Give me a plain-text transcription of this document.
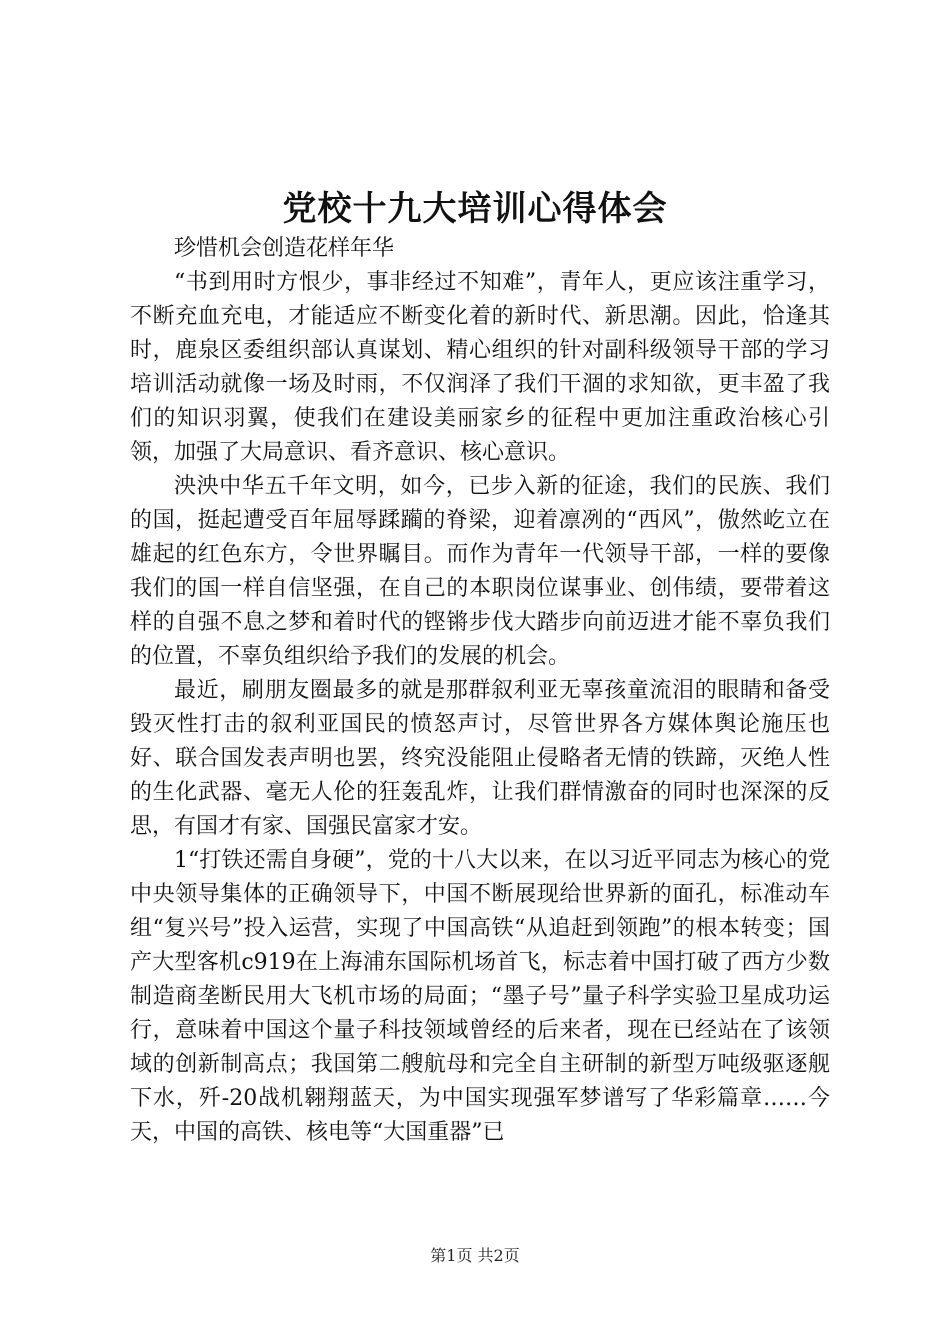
党校十九大培训心得体会

珍惜机会创造花样年华

“书到用时方恨少，事非经过不知难”，青年人，更应该注重学习，不断充血充电，才能适应不断变化着的新时代、新思潮。因此，恰逢其时，鹿泉区委组织部认真谋划、精心组织的针对副科级领导干部的学习培训活动就像一场及时雨，不仅润泽了我们干涸的求知欲，更丰盈了我们的知识羽翼，使我们在建设美丽家乡的征程中更加注重政治核心引领，加强了大局意识、看齐意识、核心意识。

泱泱中华五千年文明，如今，已步入新的征途，我们的民族、我们的国，挺起遭受百年屈辱蹂躏的脊梁，迎着凛冽的“西风”，傲然屹立在雄起的红色东方，令世界瞩目。而作为青年一代领导干部，一样的要像我们的国一样自信坚强，在自己的本职岗位谋事业、创伟绩，要带着这样的自强不息之梦和着时代的铿锵步伐大踏步向前迈进才能不辜负我们的位置，不辜负组织给予我们的发展的机会。

最近，刷朋友圈最多的就是那群叙利亚无辜孩童流泪的眼睛和备受毁灭性打击的叙利亚国民的愤怒声讨，尽管世界各方媒体舆论施压也好、联合国发表声明也罢，终究没能阻止侵略者无情的铁蹄，灭绝人性的生化武器、毫无人伦的狂轰乱炸，让我们群情激奋的同时也深深的反思，有国才有家、国强民富家才安。

1“打铁还需自身硬”，党的十八大以来，在以习近平同志为核心的党中央领导集体的正确领导下，中国不断展现给世界新的面孔，标准动车组“复兴号”投入运营，实现了中国高铁“从追赶到领跑”的根本转变；国产大型客机c919在上海浦东国际机场首飞，标志着中国打破了西方少数制造商垄断民用大飞机市场的局面；“墨子号”量子科学实验卫星成功运行，意味着中国这个量子科技领域曾经的后来者，现在已经站在了该领域的创新制高点；我国第二艘航母和完全自主研制的新型万吨级驱逐舰下水，歼-20战机翱翔蓝天，为中国实现强军梦谱写了华彩篇章……今天，中国的高铁、核电等“大国重器”已

第1页 共2页
